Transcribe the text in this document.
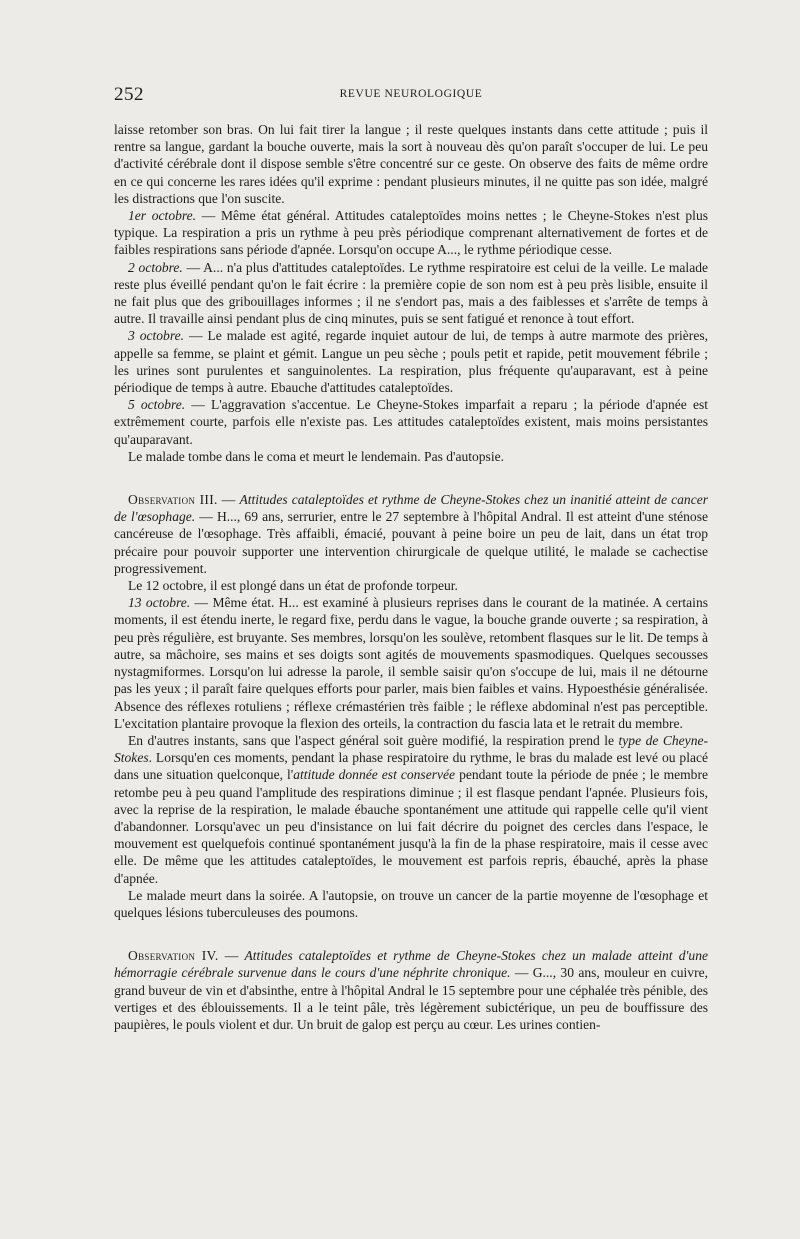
252	REVUE NEUROLOGIQUE

laisse retomber son bras. On lui fait tirer la langue ; il reste quelques instants dans cette attitude ; puis il rentre sa langue, gardant la bouche ouverte, mais la sort à nouveau dès qu'on paraît s'occuper de lui. Le peu d'activité cérébrale dont il dispose semble s'être concentré sur ce geste. On observe des faits de même ordre en ce qui concerne les rares idées qu'il exprime : pendant plusieurs minutes, il ne quitte pas son idée, malgré les distractions que l'on suscite.

1er octobre. — Même état général. Attitudes cataleptoïdes moins nettes ; le Cheyne-Stokes n'est plus typique. La respiration a pris un rythme à peu près périodique comprenant alternativement de fortes et de faibles respirations sans période d'apnée. Lorsqu'on occupe A..., le rythme périodique cesse.

2 octobre. — A... n'a plus d'attitudes cataleptoïdes. Le rythme respiratoire est celui de la veille. Le malade reste plus éveillé pendant qu'on le fait écrire : la première copie de son nom est à peu près lisible, ensuite il ne fait plus que des gribouillages informes ; il ne s'endort pas, mais a des faiblesses et s'arrête de temps à autre. Il travaille ainsi pendant plus de cinq minutes, puis se sent fatigué et renonce à tout effort.

3 octobre. — Le malade est agité, regarde inquiet autour de lui, de temps à autre marmote des prières, appelle sa femme, se plaint et gémit. Langue un peu sèche ; pouls petit et rapide, petit mouvement fébrile ; les urines sont purulentes et sanguinolentes. La respiration, plus fréquente qu'auparavant, est à peine périodique de temps à autre. Ebauche d'attitudes cataleptoïdes.

5 octobre. — L'aggravation s'accentue. Le Cheyne-Stokes imparfait a reparu ; la période d'apnée est extrêmement courte, parfois elle n'existe pas. Les attitudes cataleptoïdes existent, mais moins persistantes qu'auparavant.

Le malade tombe dans le coma et meurt le lendemain. Pas d'autopsie.

Observation III. — Attitudes cataleptoïdes et rythme de Cheyne-Stokes chez un inanitié atteint de cancer de l'œsophage. — H..., 69 ans, serrurier, entre le 27 septembre à l'hôpital Andral. Il est atteint d'une sténose cancéreuse de l'œsophage. Très affaibli, émacié, pouvant à peine boire un peu de lait, dans un état trop précaire pour pouvoir supporter une intervention chirurgicale de quelque utilité, le malade se cachectise progressivement.

Le 12 octobre, il est plongé dans un état de profonde torpeur.

13 octobre. — Même état. H... est examiné à plusieurs reprises dans le courant de la matinée. A certains moments, il est étendu inerte, le regard fixe, perdu dans le vague, la bouche grande ouverte ; sa respiration, à peu près régulière, est bruyante. Ses membres, lorsqu'on les soulève, retombent flasques sur le lit. De temps à autre, sa mâchoire, ses mains et ses doigts sont agités de mouvements spasmodiques. Quelques secousses nystagmiformes. Lorsqu'on lui adresse la parole, il semble saisir qu'on s'occupe de lui, mais il ne détourne pas les yeux ; il paraît faire quelques efforts pour parler, mais bien faibles et vains. Hypoesthésie généralisée. Absence des réflexes rotuliens ; réflexe crémastérien très faible ; le réflexe abdominal n'est pas perceptible. L'excitation plantaire provoque la flexion des orteils, la contraction du fascia lata et le retrait du membre.

En d'autres instants, sans que l'aspect général soit guère modifié, la respiration prend le type de Cheyne-Stokes. Lorsqu'en ces moments, pendant la phase respiratoire du rythme, le bras du malade est levé ou placé dans une situation quelconque, l'attitude donnée est conservée pendant toute la période de pnée ; le membre retombe peu à peu quand l'amplitude des respirations diminue ; il est flasque pendant l'apnée. Plusieurs fois, avec la reprise de la respiration, le malade ébauche spontanément une attitude qui rappelle celle qu'il vient d'abandonner. Lorsqu'avec un peu d'insistance on lui fait décrire du poignet des cercles dans l'espace, le mouvement est quelquefois continué spontanément jusqu'à la fin de la phase respiratoire, mais il cesse avec elle. De même que les attitudes cataleptoïdes, le mouvement est parfois repris, ébauché, après la phase d'apnée.

Le malade meurt dans la soirée. A l'autopsie, on trouve un cancer de la partie moyenne de l'œsophage et quelques lésions tuberculeuses des poumons.

Observation IV. — Attitudes cataleptoïdes et rythme de Cheyne-Stokes chez un malade atteint d'une hémorragie cérébrale survenue dans le cours d'une néphrite chronique. — G..., 30 ans, mouleur en cuivre, grand buveur de vin et d'absinthe, entre à l'hôpital Andral le 15 septembre pour une céphalée très pénible, des vertiges et des éblouissements. Il a le teint pâle, très légèrement subictérique, un peu de bouffissure des paupières, le pouls violent et dur. Un bruit de galop est perçu au cœur. Les urines contien-
